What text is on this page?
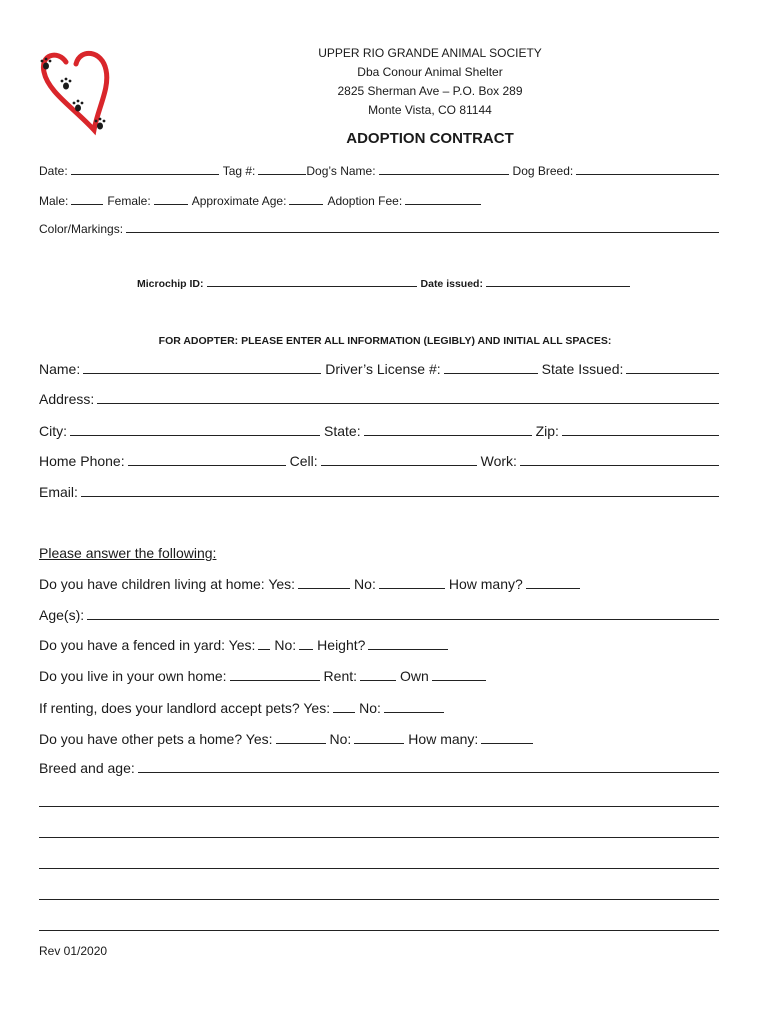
UPPER RIO GRANDE ANIMAL SOCIETY
Dba Conour Animal Shelter
2825 Sherman Ave – P.O. Box 289
Monte Vista, CO 81144
ADOPTION CONTRACT
Date:	Tag #:	Dog’s Name:	Dog Breed:
Male:	Female:	Approximate Age:	Adoption Fee:
Color/Markings:
Microchip ID:	Date issued:
FOR ADOPTER: PLEASE ENTER ALL INFORMATION (LEGIBLY) AND INITIAL ALL SPACES:
Name:	Driver’s License #:	State Issued:
Address:
City:	State:	Zip:
Home Phone:	Cell:	Work:
Email:
Please answer the following:
Do you have children living at home: Yes:	No:	How many?
Age(s):
Do you have a fenced in yard: Yes: No: Height?
Do you live in your own home:	Rent:	Own
If renting, does your landlord accept pets? Yes: No:
Do you have other pets a home? Yes:	No:	How many:
Breed and age:
Rev 01/2020
